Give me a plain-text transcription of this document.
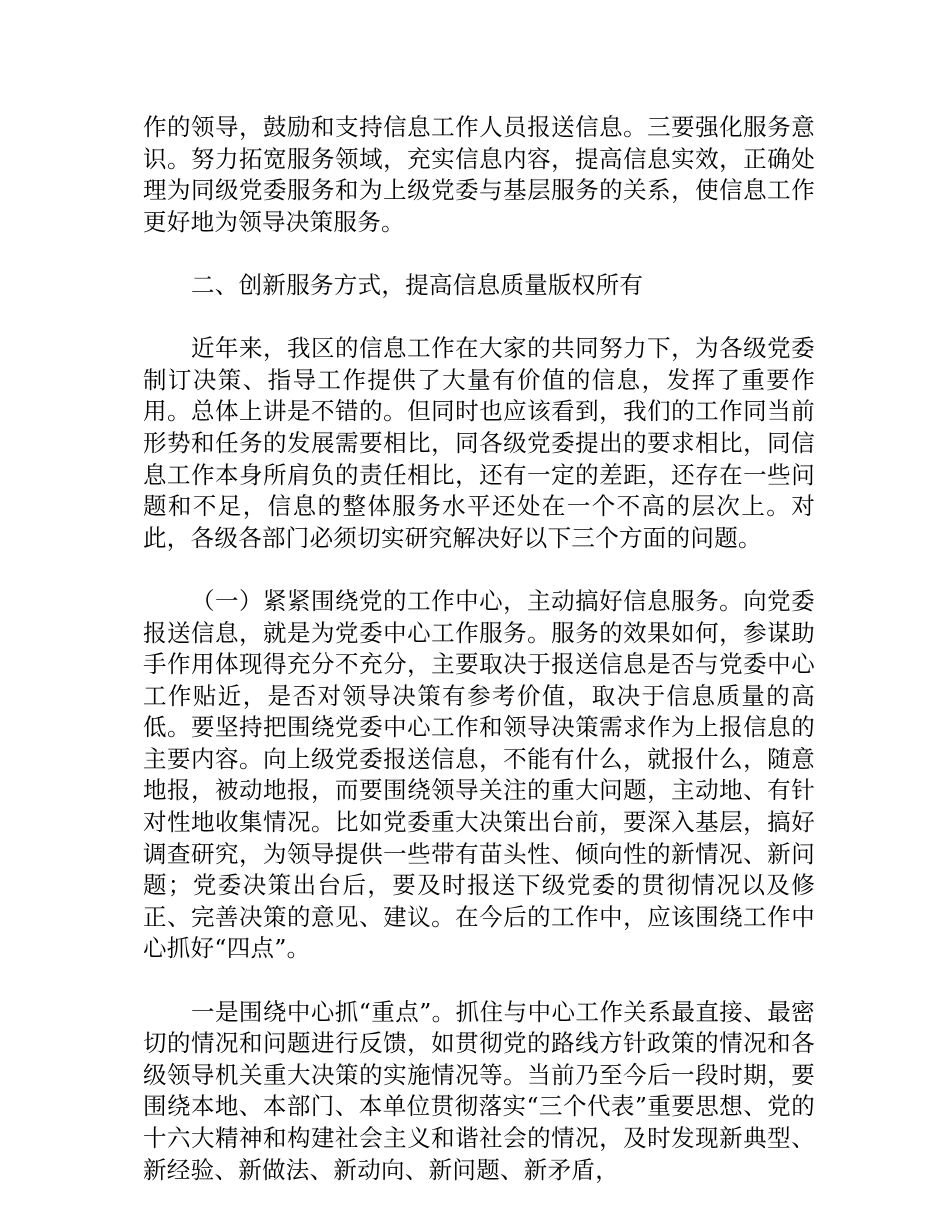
作的领导，鼓励和支持信息工作人员报送信息。三要强化服务意识。努力拓宽服务领域，充实信息内容，提高信息实效，正确处理为同级党委服务和为上级党委与基层服务的关系，使信息工作更好地为领导决策服务。

二、创新服务方式，提高信息质量版权所有

近年来，我区的信息工作在大家的共同努力下，为各级党委制订决策、指导工作提供了大量有价值的信息，发挥了重要作用。总体上讲是不错的。但同时也应该看到，我们的工作同当前形势和任务的发展需要相比，同各级党委提出的要求相比，同信息工作本身所肩负的责任相比，还有一定的差距，还存在一些问题和不足，信息的整体服务水平还处在一个不高的层次上。对此，各级各部门必须切实研究解决好以下三个方面的问题。

（一）紧紧围绕党的工作中心，主动搞好信息服务。向党委报送信息，就是为党委中心工作服务。服务的效果如何，参谋助手作用体现得充分不充分，主要取决于报送信息是否与党委中心工作贴近，是否对领导决策有参考价值，取决于信息质量的高低。要坚持把围绕党委中心工作和领导决策需求作为上报信息的主要内容。向上级党委报送信息，不能有什么，就报什么，随意地报，被动地报，而要围绕领导关注的重大问题，主动地、有针对性地收集情况。比如党委重大决策出台前，要深入基层，搞好调查研究，为领导提供一些带有苗头性、倾向性的新情况、新问题；党委决策出台后，要及时报送下级党委的贯彻情况以及修正、完善决策的意见、建议。在今后的工作中，应该围绕工作中心抓好“四点”。

一是围绕中心抓“重点”。抓住与中心工作关系最直接、最密切的情况和问题进行反馈，如贯彻党的路线方针政策的情况和各级领导机关重大决策的实施情况等。当前乃至今后一段时期，要围绕本地、本部门、本单位贯彻落实“三个代表”重要思想、党的十六大精神和构建社会主义和谐社会的情况，及时发现新典型、新经验、新做法、新动向、新问题、新矛盾，
